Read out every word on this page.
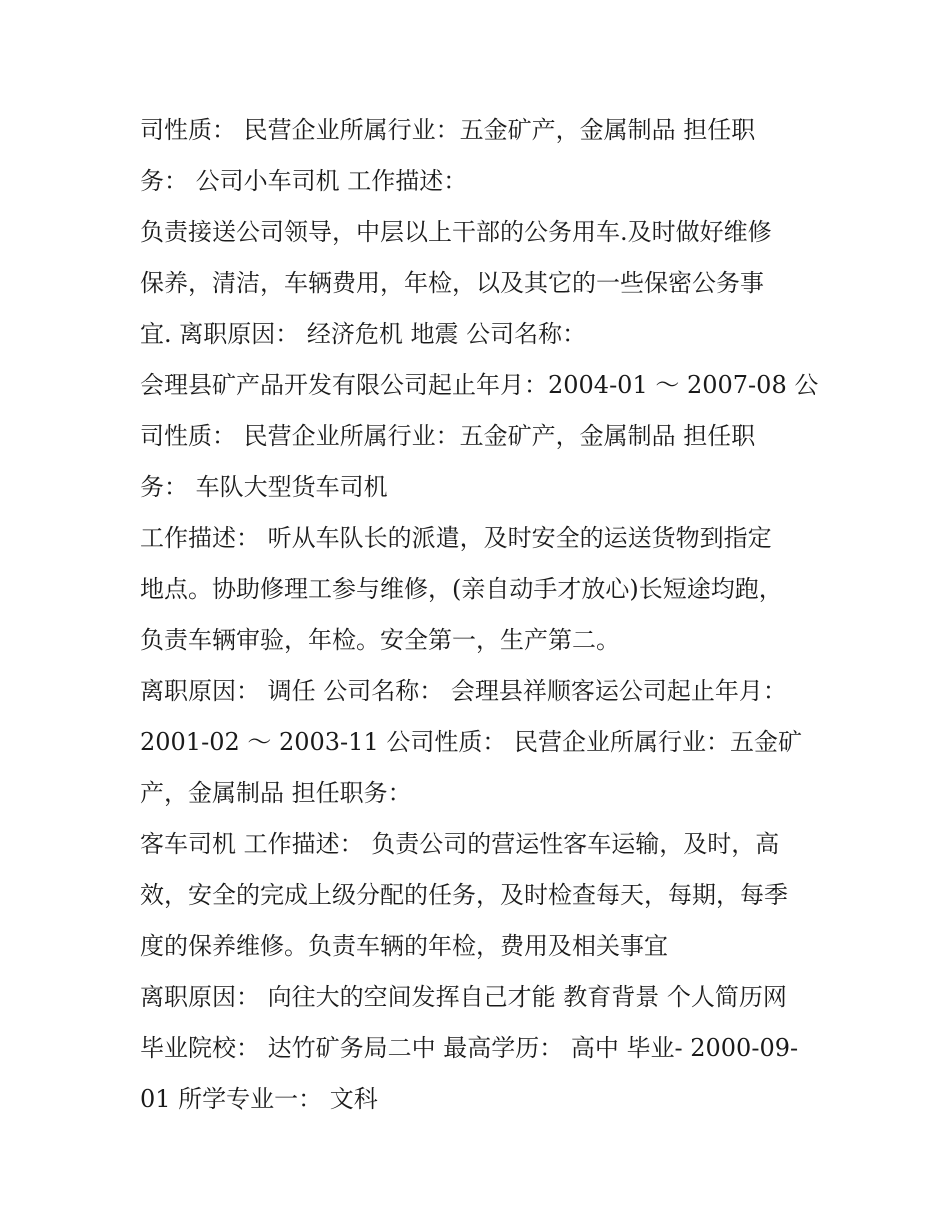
司性质： 民营企业所属行业：五金矿产，金属制品 担任职
务： 公司小车司机 工作描述：
负责接送公司领导，中层以上干部的公务用车.及时做好维修
保养，清洁，车辆费用，年检，以及其它的一些保密公务事
宜. 离职原因： 经济危机 地震 公司名称：
会理县矿产品开发有限公司起止年月：2004-01 ～ 2007-08 公
司性质： 民营企业所属行业：五金矿产，金属制品 担任职
务： 车队大型货车司机
工作描述： 听从车队长的派遣，及时安全的运送货物到指定
地点。协助修理工参与维修，(亲自动手才放心)长短途均跑，
负责车辆审验，年检。安全第一，生产第二。
离职原因： 调任 公司名称： 会理县祥顺客运公司起止年月：
2001-02 ～ 2003-11 公司性质： 民营企业所属行业：五金矿
产，金属制品 担任职务：
客车司机 工作描述： 负责公司的营运性客车运输，及时，高
效，安全的完成上级分配的任务，及时检查每天，每期，每季
度的保养维修。负责车辆的年检，费用及相关事宜
离职原因： 向往大的空间发挥自己才能 教育背景 个人简历网
毕业院校： 达竹矿务局二中 最高学历： 高中 毕业- 2000-09-
01 所学专业一： 文科
